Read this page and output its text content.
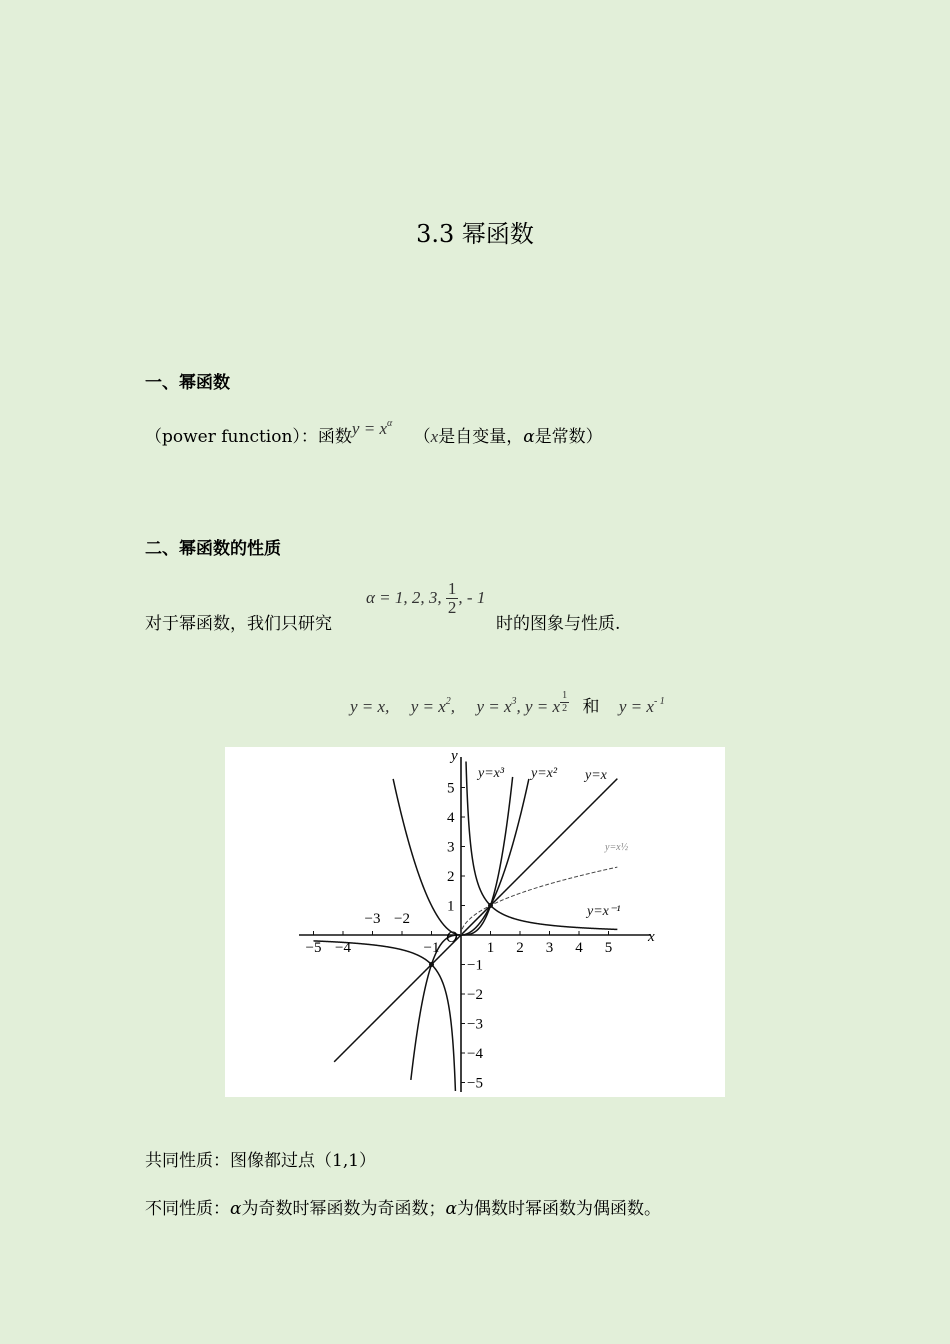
3.3 幂函数
一、幂函数
（power function）：函数$y = x^\alpha$ （x是自变量，α是常数）
二、幂函数的性质
对于幂函数，我们只研究
α = 1, 2, 3, $\frac{1}{2}$ , - 1
时的图象与性质.
y = x, $y = x^2$, $y = x^3$, y = x $\frac{1}{2}$ 和 $y = x^{- 1}$
x
y
O
−5 −4
−3 −2
−1	1 2 3 4 5
5
4
3
2
1
−1
−2
−3
−4
−5
y=x
y=x²
y=x³
y=x½
y=x⁻¹
共同性质：图像都过点（1,1）
不同性质：α为奇数时幂函数为奇函数；α为偶数时幂函数为偶函数。
